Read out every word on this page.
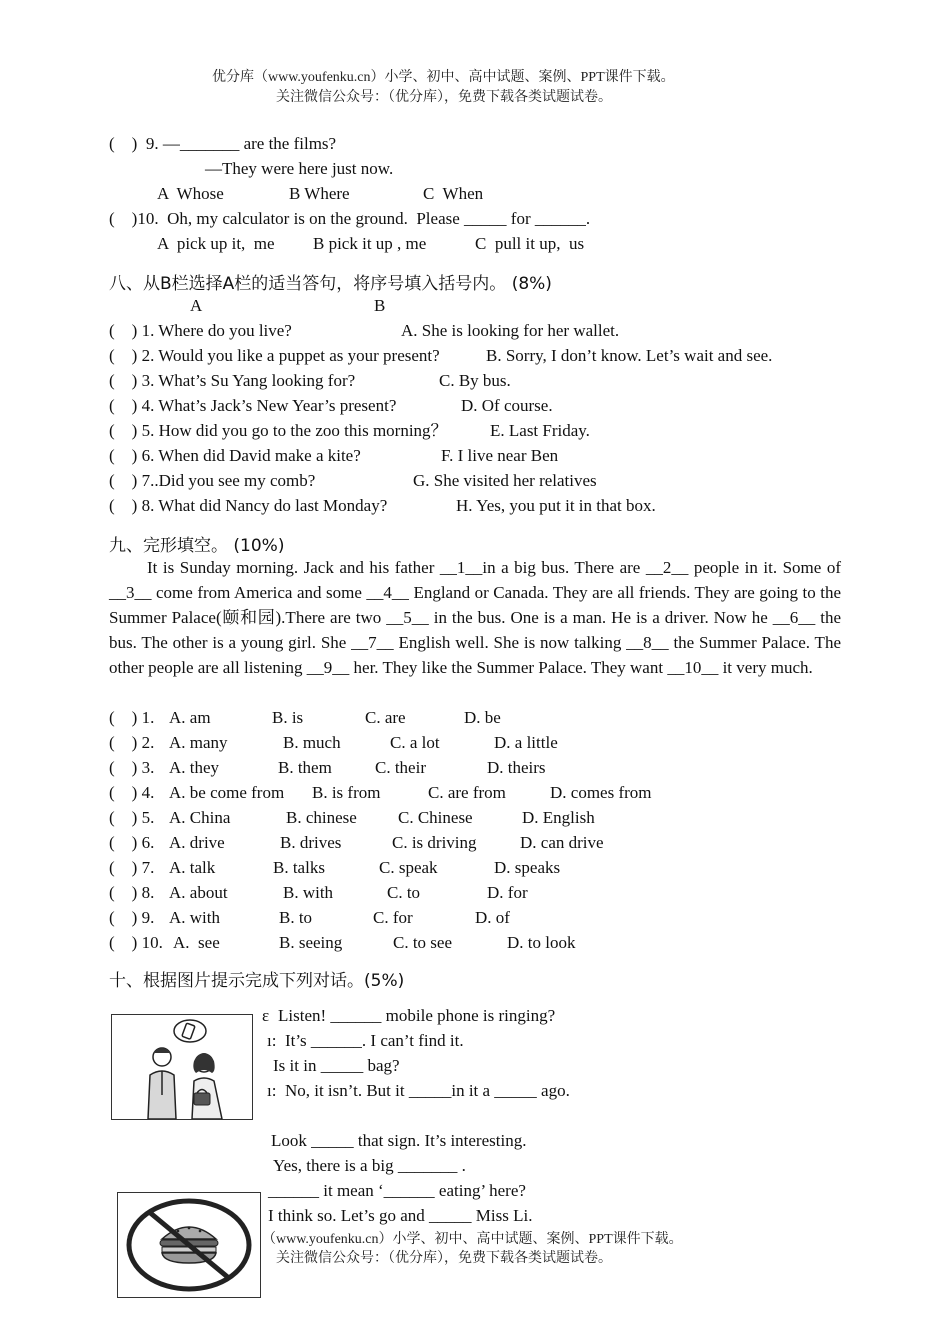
优分库（www.youfenku.cn）小学、初中、高中试题、案例、PPT课件下载。
关注微信公众号：（优分库），免费下载各类试题试卷。
(    )  9. —_______ are the films?
—They were here just now.
A  Whose	B Where	C  When
(    )10.  Oh, my calculator is on the ground.  Please _____ for ______.
A  pick up it,  me B pick it up , me	C  pull it up,  us
八、从B栏选择A栏的适当答句，将序号填入括号内。 (8%)
A	B
(    ) 1. Where do you live?	A. She is looking for her wallet.
(    ) 2. Would you like a puppet as your present?	B. Sorry, I don’t know. Let’s wait and see.
(    ) 3. What’s Su Yang looking for?	C. By bus.
(    ) 4. What’s Jack’s New Year’s present?	D. Of course.
(    ) 5. How did you go to the zoo this morning？ E. Last Friday.
(    ) 6. When did David make a kite?	F. I live near Ben
(    ) 7..Did you see my comb?	G. She visited her relatives
(    ) 8. What did Nancy do last Monday?	H. Yes, you put it in that box.
九、完形填空。 (10%)
It is Sunday morning. Jack and his father __1__in a big bus. There are __2__ people in it. Some of __3__ come from America and some __4__ England or Canada. They are all friends. They are going to the Summer Palace(颐和园).There are two __5__ in the bus. One is a man. He is a driver. Now he __6__ the bus. The other is a young girl. She __7__ English well. She is now talking __8__ the Summer Palace. The other people are all listening __9__ her. They like the Summer Palace. They want __10__ it very much.
(    ) 1. A. am	B. is	C. are	D. be
(    ) 2. A. many	B. much	C. a lot	D. a little
(    ) 3. A. they	B. them	C. their	D. theirs
(    ) 4. A. be come from B. is from	C. are from	D. comes from
(    ) 5. A. China	B. chinese C. Chinese	D. English
(    ) 6. A. drive	B. drives	C. is driving	D. can drive
(    ) 7. A. talk	B. talks	C. speak	D. speaks
(    ) 8. A. about	B. with	C. to	D. for
(    ) 9. A. with	B. to	C. for	D. of
(    ) 10. A.  see	B. seeing	C. to see	D. to look
十、根据图片提示完成下列对话。(5%)
ε Listen! ______ mobile phone is ringing?
ı:  It’s ______. I can’t find it.
Is it in _____ bag?
ı:  No, it isn’t. But it _____in it a _____ ago.
Look _____ that sign. It’s interesting.
Yes, there is a big _______ .
______ it mean ‘______ eating’ here?
I think so. Let’s go and _____ Miss Li.
（www.youfenku.cn）小学、初中、高中试题、案例、PPT课件下载。
关注微信公众号：（优分库），免费下载各类试题试卷。
